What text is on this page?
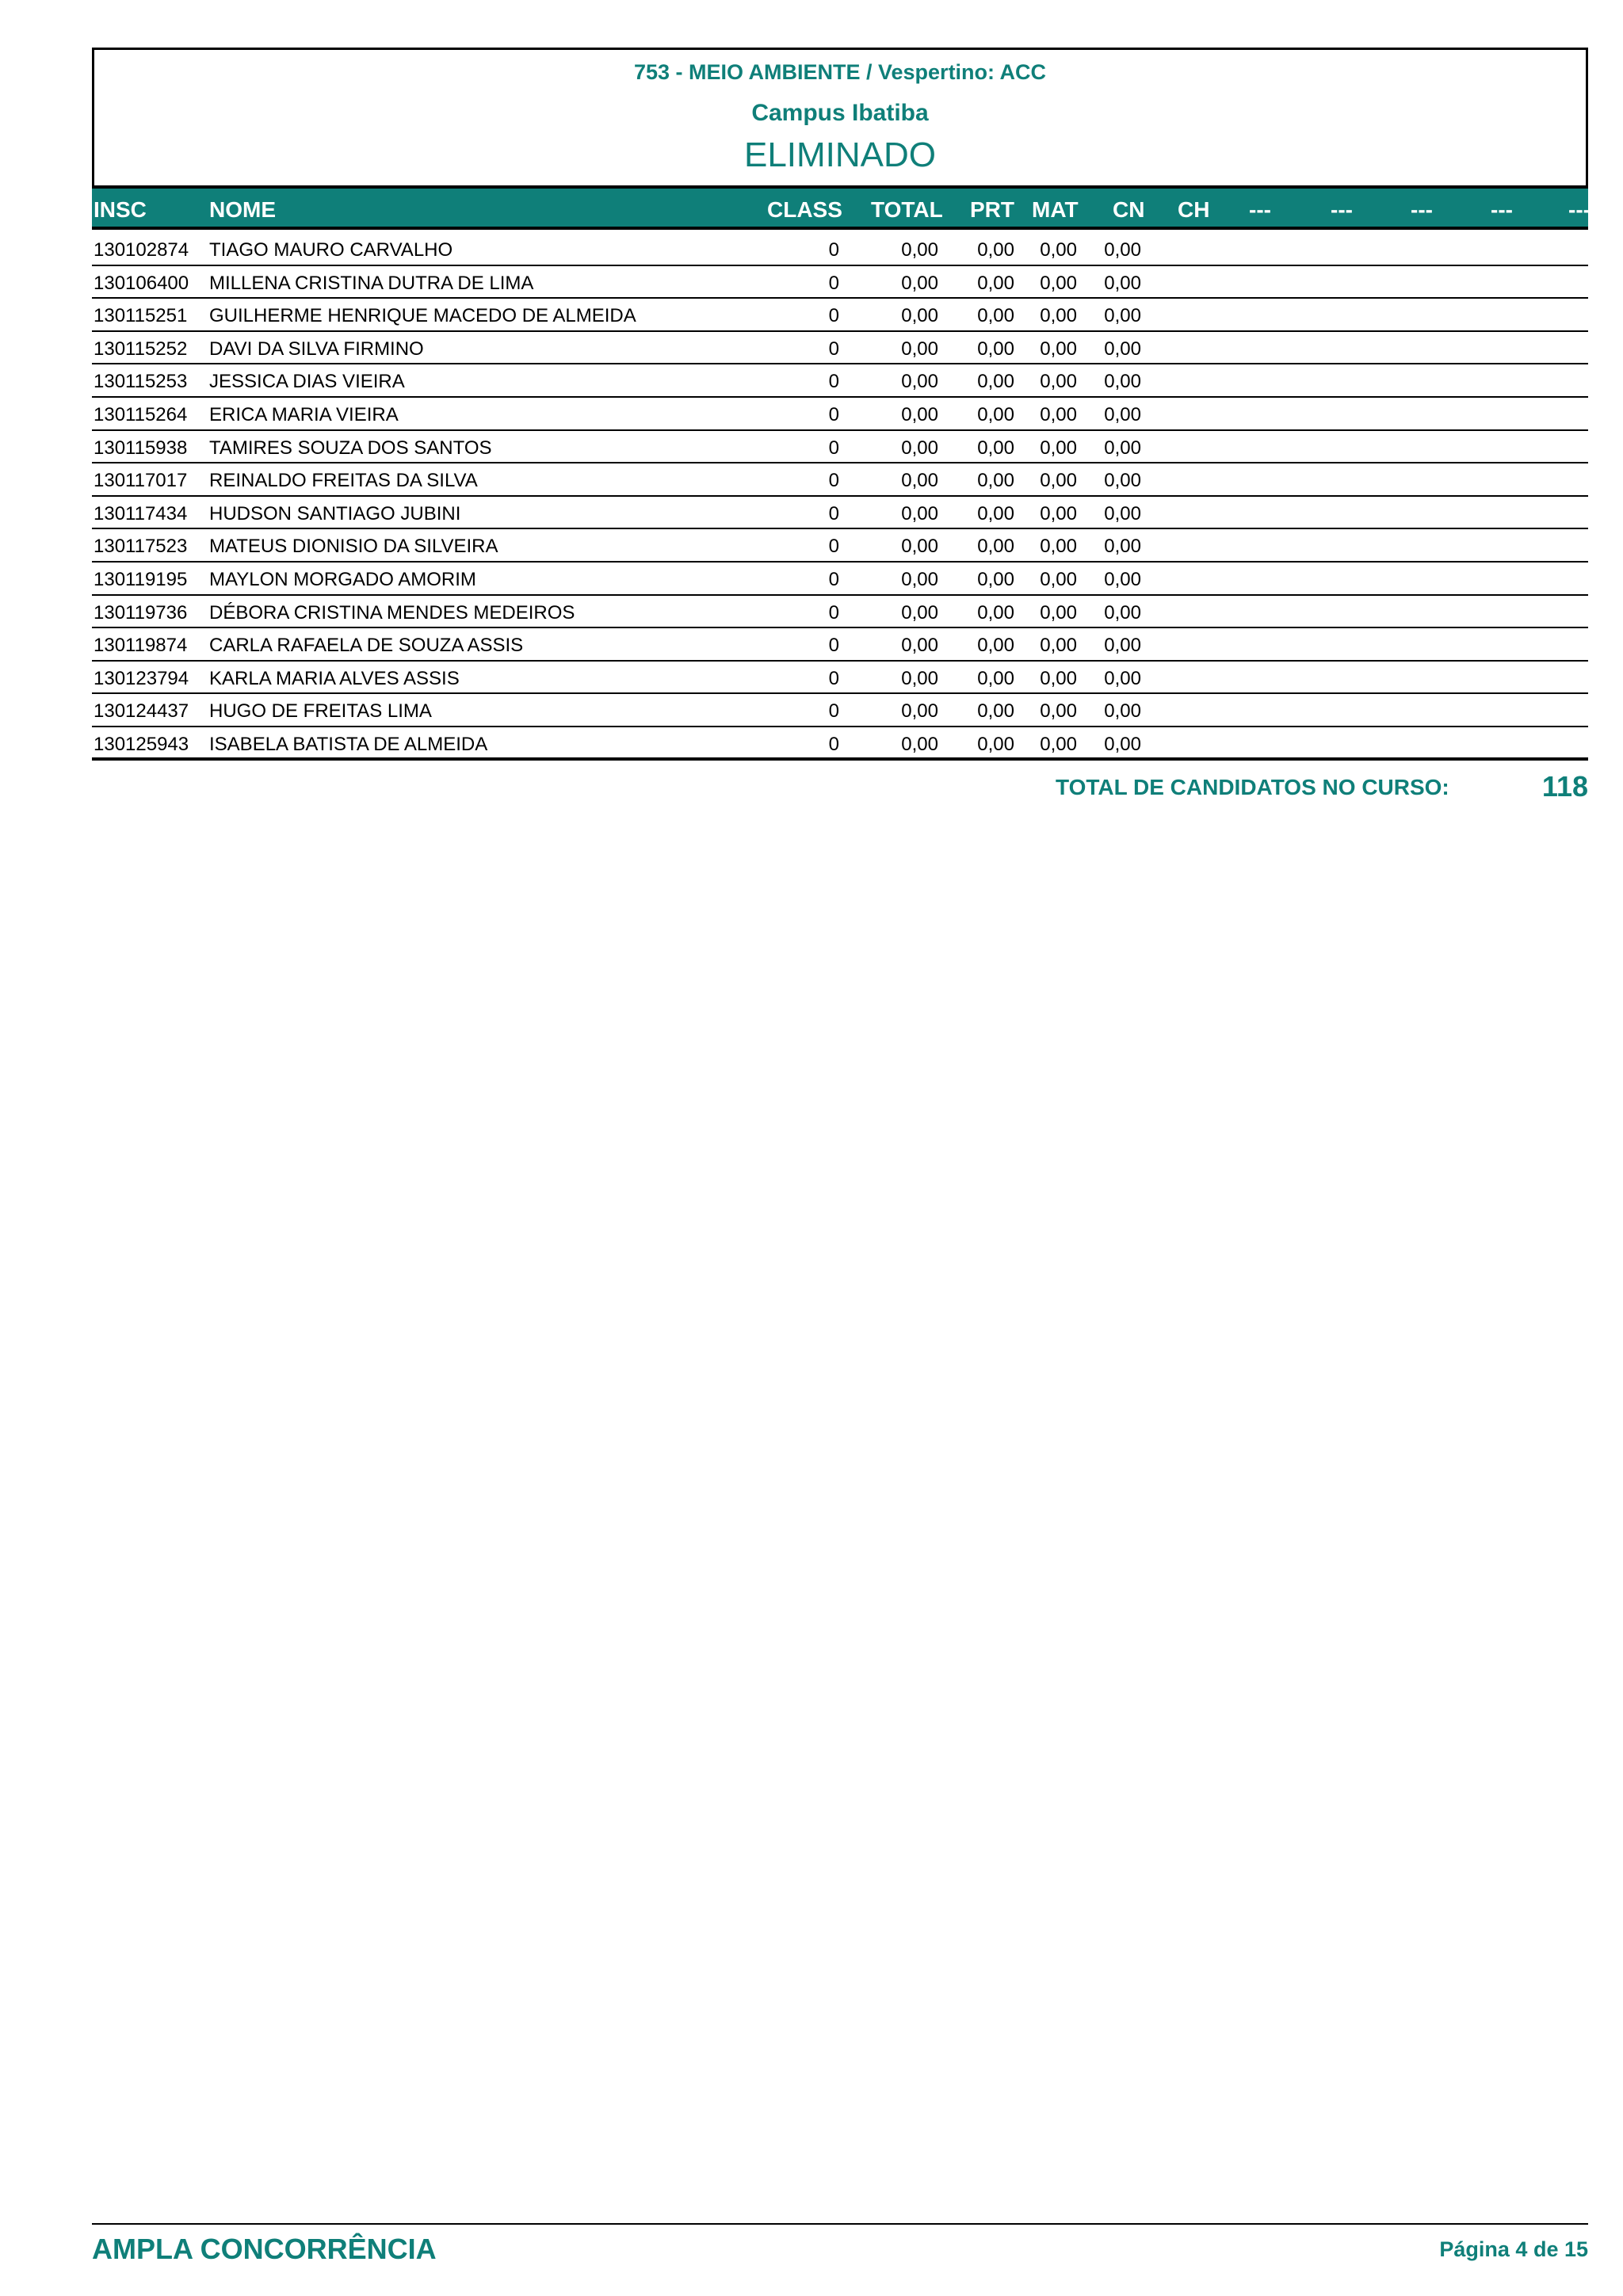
753 - MEIO AMBIENTE / Vespertino: ACC
Campus Ibatiba
ELIMINADO
INSC	NOME	CLASS TOTAL PRT MAT CN CH ---	---	---	---	---
130102874 TIAGO MAURO CARVALHO	0	0,00 0,00 0,00 0,00
130106400 MILLENA CRISTINA DUTRA DE LIMA	0	0,00 0,00 0,00 0,00
130115251 GUILHERME HENRIQUE MACEDO DE ALMEIDA	0	0,00 0,00 0,00 0,00
130115252 DAVI DA SILVA FIRMINO	0	0,00 0,00 0,00 0,00
130115253 JESSICA DIAS VIEIRA	0	0,00 0,00 0,00 0,00
130115264 ERICA MARIA VIEIRA	0	0,00 0,00 0,00 0,00
130115938 TAMIRES SOUZA DOS SANTOS	0	0,00 0,00 0,00 0,00
130117017 REINALDO FREITAS DA SILVA	0	0,00 0,00 0,00 0,00
130117434 HUDSON SANTIAGO JUBINI	0	0,00 0,00 0,00 0,00
130117523 MATEUS DIONISIO DA SILVEIRA	0	0,00 0,00 0,00 0,00
130119195 MAYLON MORGADO AMORIM	0	0,00 0,00 0,00 0,00
130119736 DÉBORA CRISTINA MENDES MEDEIROS	0	0,00 0,00 0,00 0,00
130119874 CARLA RAFAELA DE SOUZA ASSIS	0	0,00 0,00 0,00 0,00
130123794 KARLA MARIA ALVES ASSIS	0	0,00 0,00 0,00 0,00
130124437 HUGO DE FREITAS LIMA	0	0,00 0,00 0,00 0,00
130125943 ISABELA BATISTA DE ALMEIDA	0	0,00 0,00 0,00 0,00
TOTAL DE CANDIDATOS NO CURSO:	118
AMPLA CONCORRÊNCIA	Página 4 de 15
